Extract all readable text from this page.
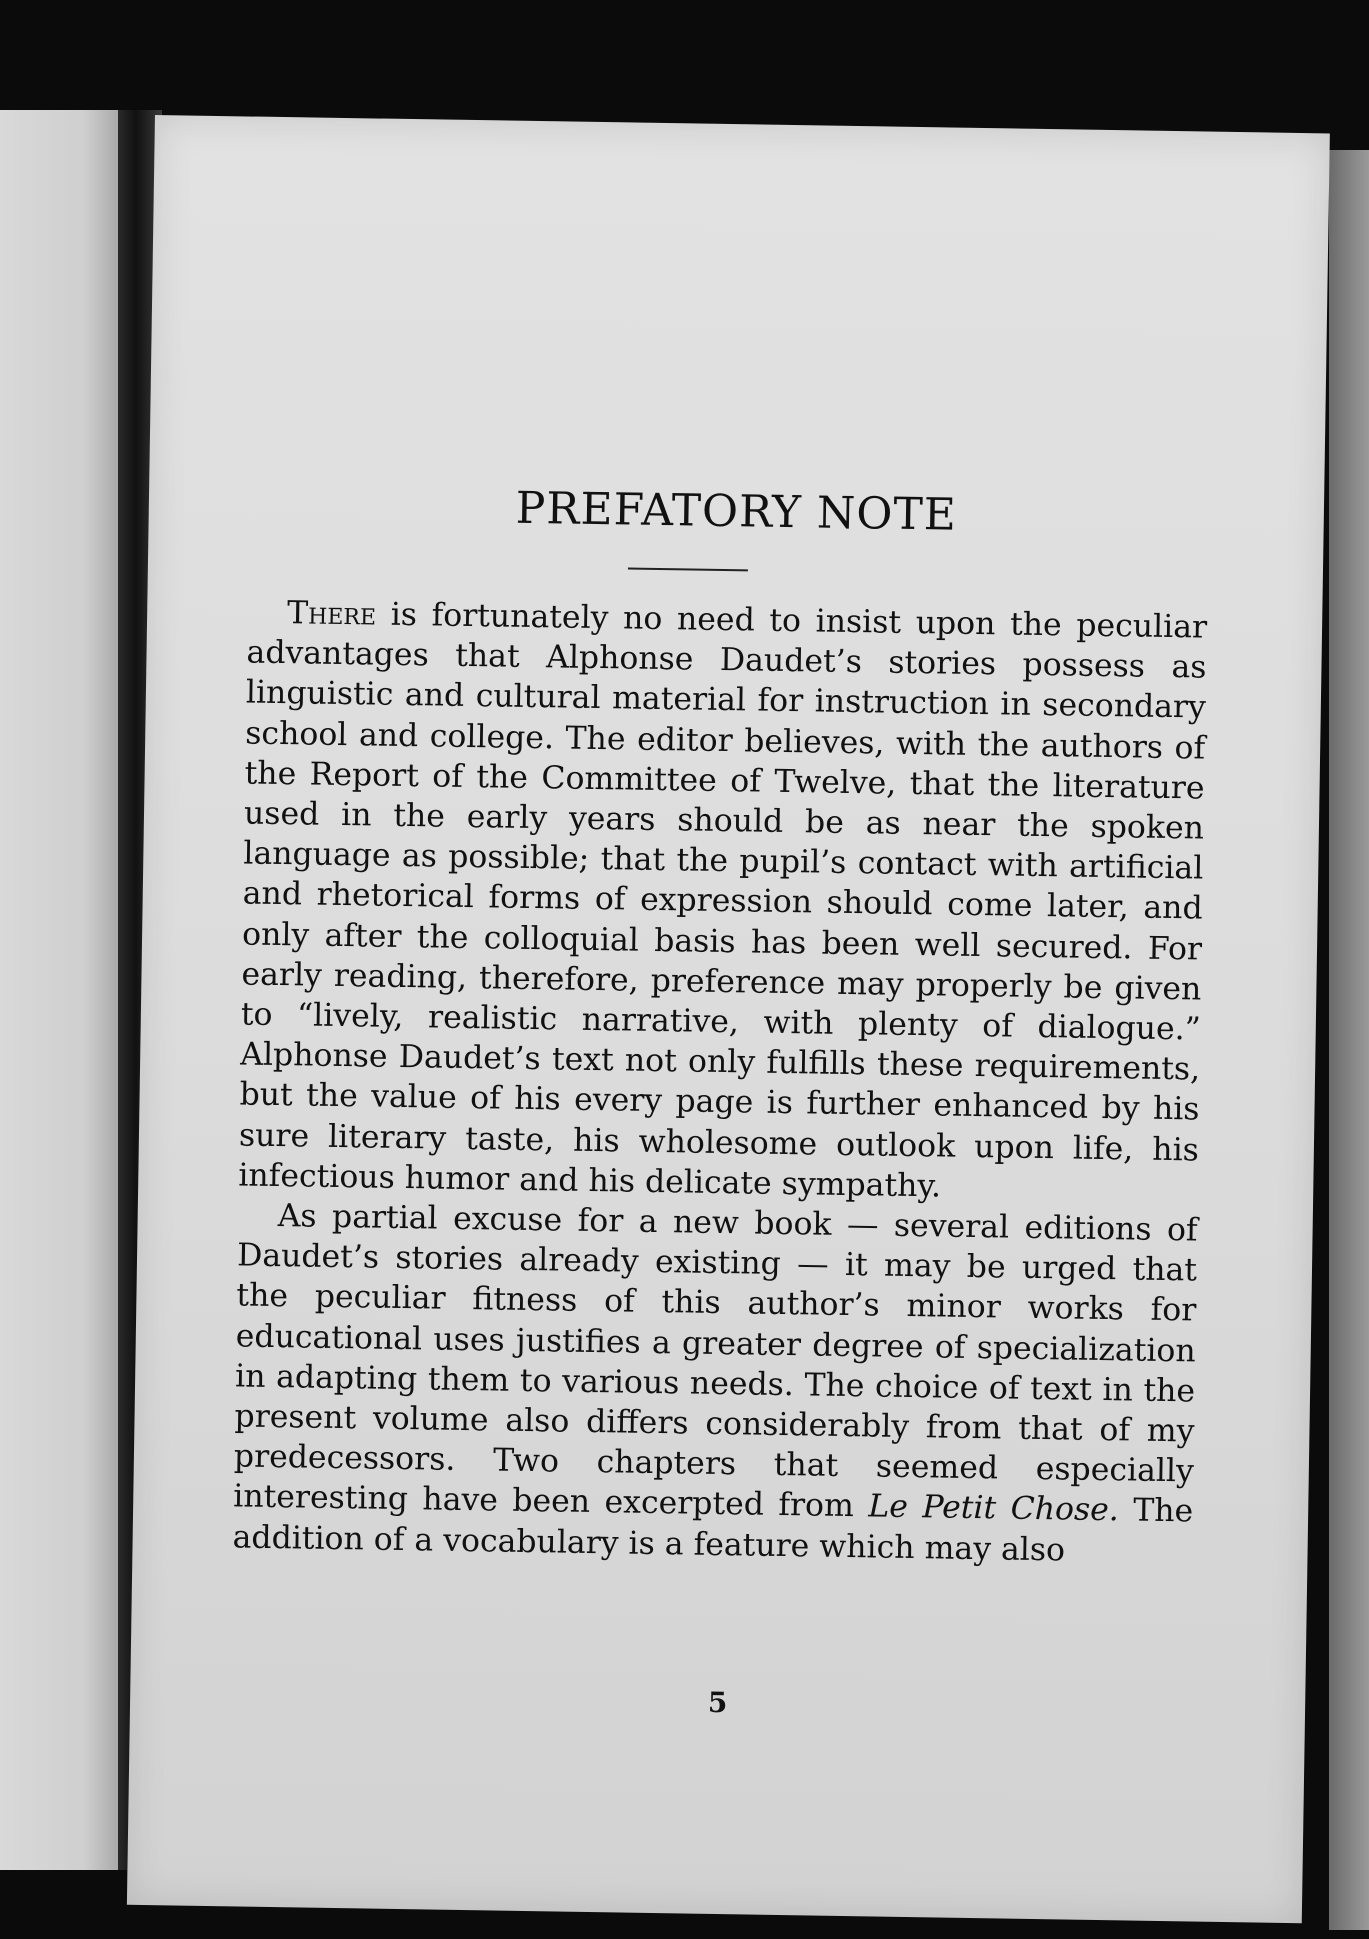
PREFATORY NOTE

There is fortunately no need to insist upon the peculiar advantages that Alphonse Daudet’s stories possess as linguistic and cultural material for instruction in secondary school and college. The editor believes, with the authors of the Report of the Committee of Twelve, that the literature used in the early years should be as near the spoken language as possible; that the pupil’s contact with artificial and rhetorical forms of expression should come later, and only after the colloquial basis has been well secured. For early reading, therefore, preference may properly be given to “lively, realistic narrative, with plenty of dialogue.” Alphonse Daudet’s text not only fulfills these requirements, but the value of his every page is further enhanced by his sure literary taste, his wholesome outlook upon life, his infectious humor and his delicate sympathy.

As partial excuse for a new book — several editions of Daudet’s stories already existing — it may be urged that the peculiar fitness of this author’s minor works for educational uses justifies a greater degree of specialization in adapting them to various needs. The choice of text in the present volume also differs considerably from that of my predecessors. Two chapters that seemed especially interesting have been excerpted from Le Petit Chose. The addition of a vocabulary is a feature which may also

5
